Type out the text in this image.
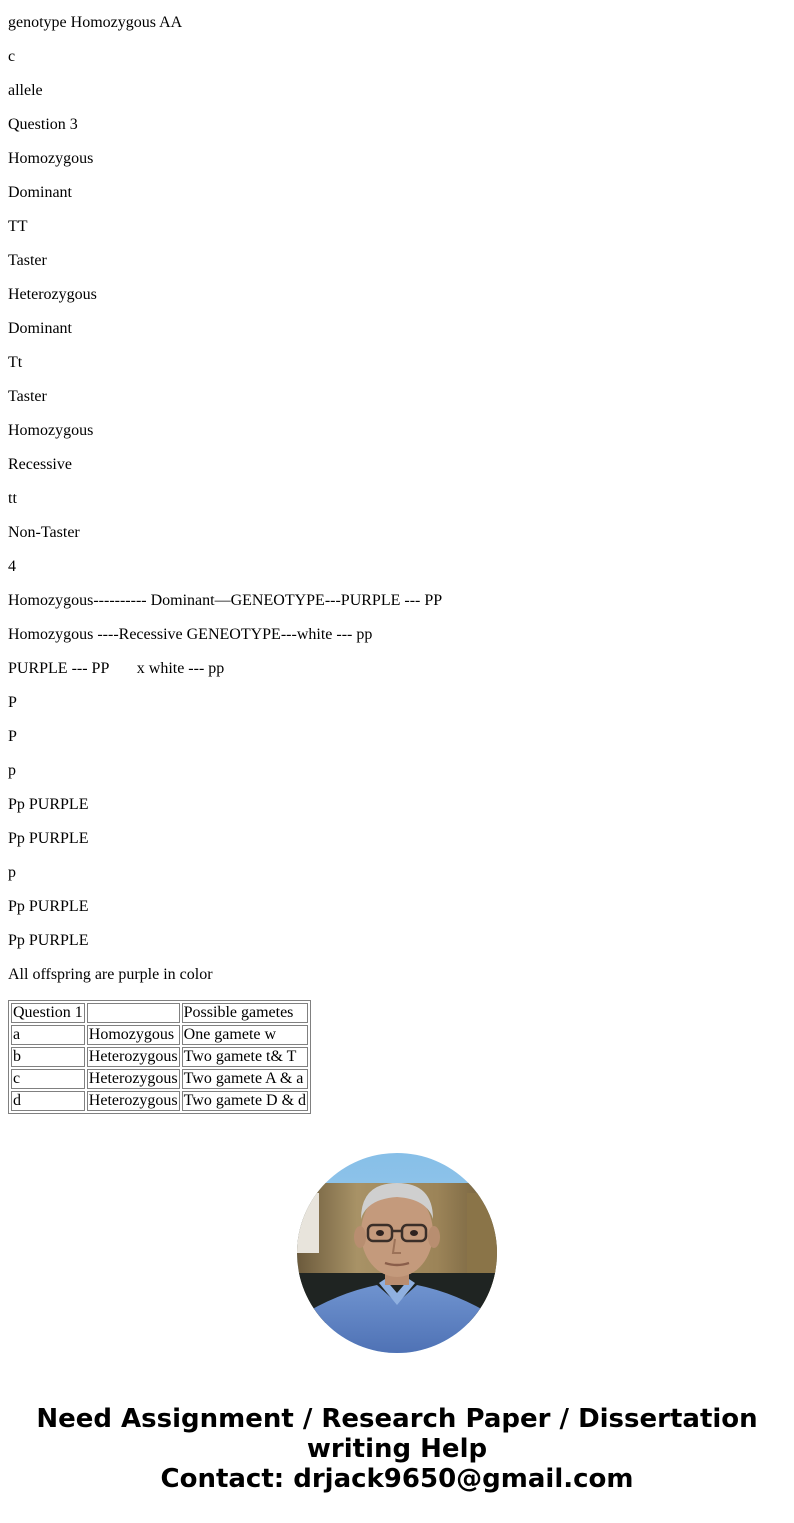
genotype Homozygous AA

c

allele

Question 3

Homozygous

Dominant

TT

Taster

Heterozygous

Dominant

Tt

Taster

Homozygous

Recessive

tt

Non-Taster

4

Homozygous---------- Dominant—GENEOTYPE---PURPLE --- PP

Homozygous ----Recessive GENEOTYPE---white --- pp

PURPLE --- PP       x white --- pp

P

P

p

Pp PURPLE

Pp PURPLE

p

Pp PURPLE

Pp PURPLE

All offspring are purple in color

Question 1		Possible gametes
a	Homozygous	One gamete w
b	Heterozygous	Two gamete t& T
c	Heterozygous	Two gamete A & a
d	Heterozygous	Two gamete D & d
Need Assignment / Research Paper / Dissertation
writing Help
Contact: drjack9650@gmail.com
